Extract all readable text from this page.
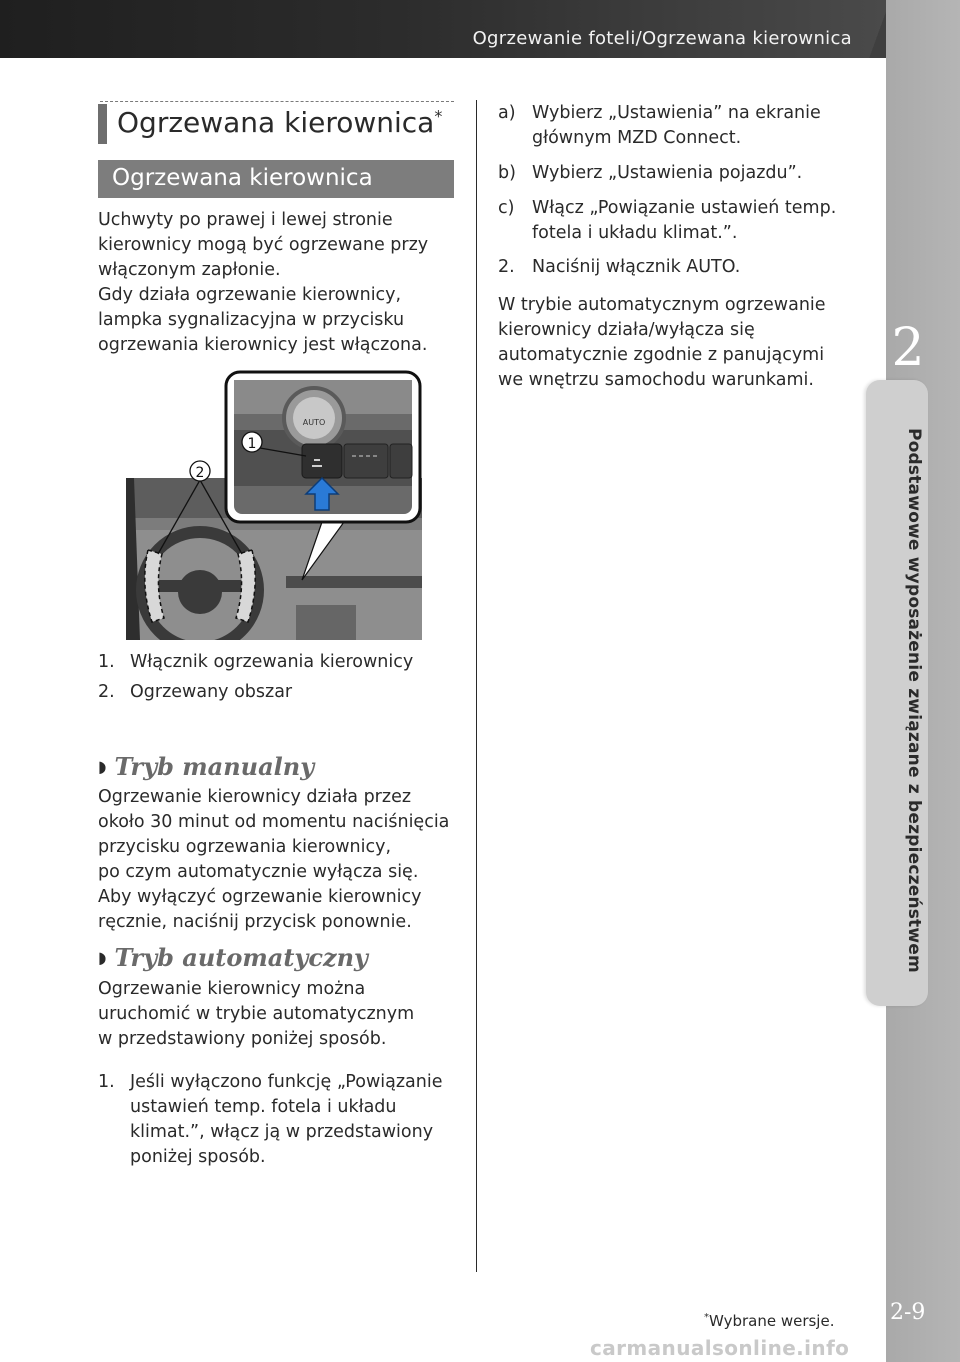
Ogrzewanie foteli/Ogrzewana kierownica
2
Podstawowe wyposażenie związane z bezpieczeństwem
2-9
Ogrzewana kierownica*
Ogrzewana kierownica
Uchwyty po prawej i lewej stronie
kierownicy mogą być ogrzewane przy
włączonym zapłonie.
Gdy działa ogrzewanie kierownicy,
lampka sygnalizacyjna w przycisku
ogrzewania kierownicy jest włączona.
2
AUTO
1
1. Włącznik ogrzewania kierownicy
2. Ogrzewany obszar
◗ Tryb manualny
Ogrzewanie kierownicy działa przez
około 30 minut od momentu naciśnięcia
przycisku ogrzewania kierownicy,
po czym automatycznie wyłącza się.
Aby wyłączyć ogrzewanie kierownicy
ręcznie, naciśnij przycisk ponownie.
◗ Tryb automatyczny
Ogrzewanie kierownicy można
uruchomić w trybie automatycznym
w przedstawiony poniżej sposób.
1. Jeśli wyłączono funkcję „Powiązanie
ustawień temp. fotela i układu
klimat.”, włącz ją w przedstawiony
poniżej sposób.
a) Wybierz „Ustawienia” na ekranie
głównym MZD Connect.
b) Wybierz „Ustawienia pojazdu”.
c)	Włącz „Powiązanie ustawień temp.
fotela i układu klimat.”.
2. Naciśnij włącznik AUTO.
W trybie automatycznym ogrzewanie
kierownicy działa/wyłącza się
automatycznie zgodnie z panującymi
we wnętrzu samochodu warunkami.
*Wybrane wersje.
carmanualsonline.info
